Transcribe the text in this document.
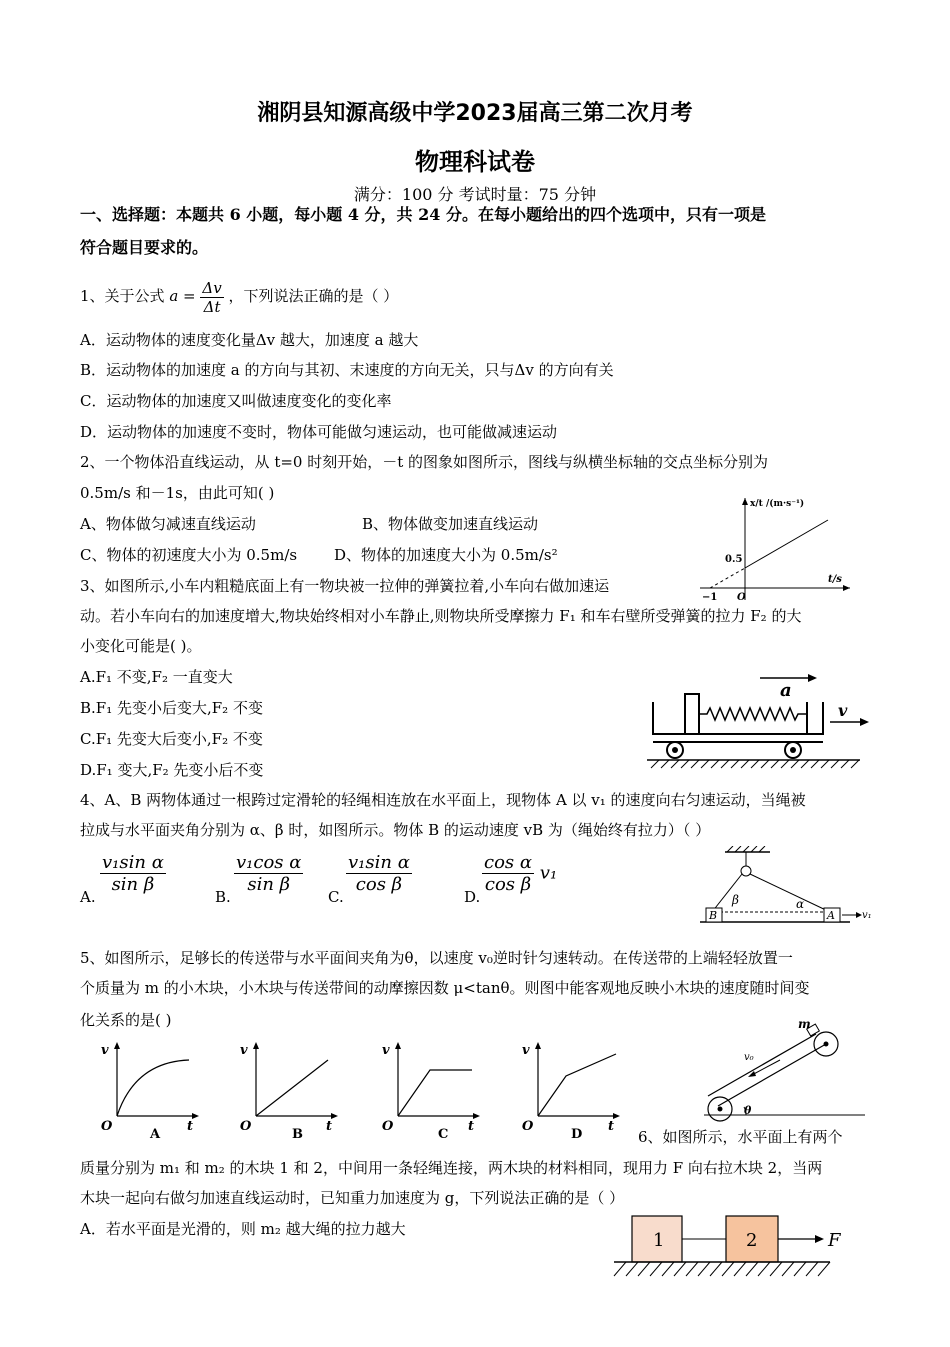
湘阴县知源高级中学2023届高三第二次月考
物理科试卷
满分：100 分 考试时量：75 分钟
一、选择题：本题共 6 小题，每小题 4 分，共 24 分。在每小题给出的四个选项中，只有一项是
符合题目要求的。
1、关于公式 $a = \frac{\Delta v}{\Delta t}$ ，下列说法正确的是（ ）
A．运动物体的速度变化量Δv 越大，加速度 a 越大
B．运动物体的加速度 a 的方向与其初、末速度的方向无关，只与Δv 的方向有关
C．运动物体的加速度又叫做速度变化的变化率
D．运动物体的加速度不变时，物体可能做匀速运动，也可能做减速运动
2、一个物体沿直线运动，从 t=0 时刻开始，－t 的图象如图所示，图线与纵横坐标轴的交点坐标分别为
0.5m/s 和－1s，由此可知( )
A、物体做匀减速直线运动	B、物体做变加速直线运动
C、物体的初速度大小为 0.5m/s D、物体的加速度大小为 0.5m/s²
x/t /(m·s⁻¹)
t/s
0.5
−1 O
3、如图所示,小车内粗糙底面上有一物块被一拉伸的弹簧拉着,小车向右做加速运
动。若小车向右的加速度增大,物块始终相对小车静止,则物块所受摩擦力 F₁ 和车右壁所受弹簧的拉力 F₂ 的大
小变化可能是( )。
A.F₁ 不变,F₂ 一直变大
B.F₁ 先变小后变大,F₂ 不变
C.F₁ 先变大后变小,F₂ 不变
D.F₁ 变大,F₂ 先变小后不变
a
v
4、A、B 两物体通过一根跨过定滑轮的轻绳相连放在水平面上，现物体 A 以 v₁ 的速度向右匀速运动，当绳被
拉成与水平面夹角分别为 α、β 时，如图所示。物体 B 的运动速度 vB 为（绳始终有拉力）（ ）
A.
$\frac{\text{v₁sin α}}{\text{sin β}}$
B.
$\frac{\text{v₁cos α}}{\text{sin β}}$
C.
$\frac{\text{v₁sin α}}{\text{cos β}}$
D.
$\frac{\text{cos α}}{\text{cos β}} v_1$
B	A
β	α
v₁
5、如图所示，足够长的传送带与水平面间夹角为θ，以速度 v₀逆时针匀速转动。在传送带的上端轻轻放置一
个质量为 m 的小木块，小木块与传送带间的动摩擦因数 μ<tanθ。则图中能客观地反映小木块的速度随时间变
化关系的是( )
v
t
O
A
v
t
O
B
v
t
O
C
v
t
O
D
m
v₀
θ
6、如图所示，水平面上有两个
质量分别为 m₁ 和 m₂ 的木块 1 和 2，中间用一条轻绳连接，两木块的材料相同，现用力 F 向右拉木块 2，当两
木块一起向右做匀加速直线运动时，已知重力加速度为 g，下列说法正确的是（ ）
A．若水平面是光滑的，则 m₂ 越大绳的拉力越大
1	2	F
